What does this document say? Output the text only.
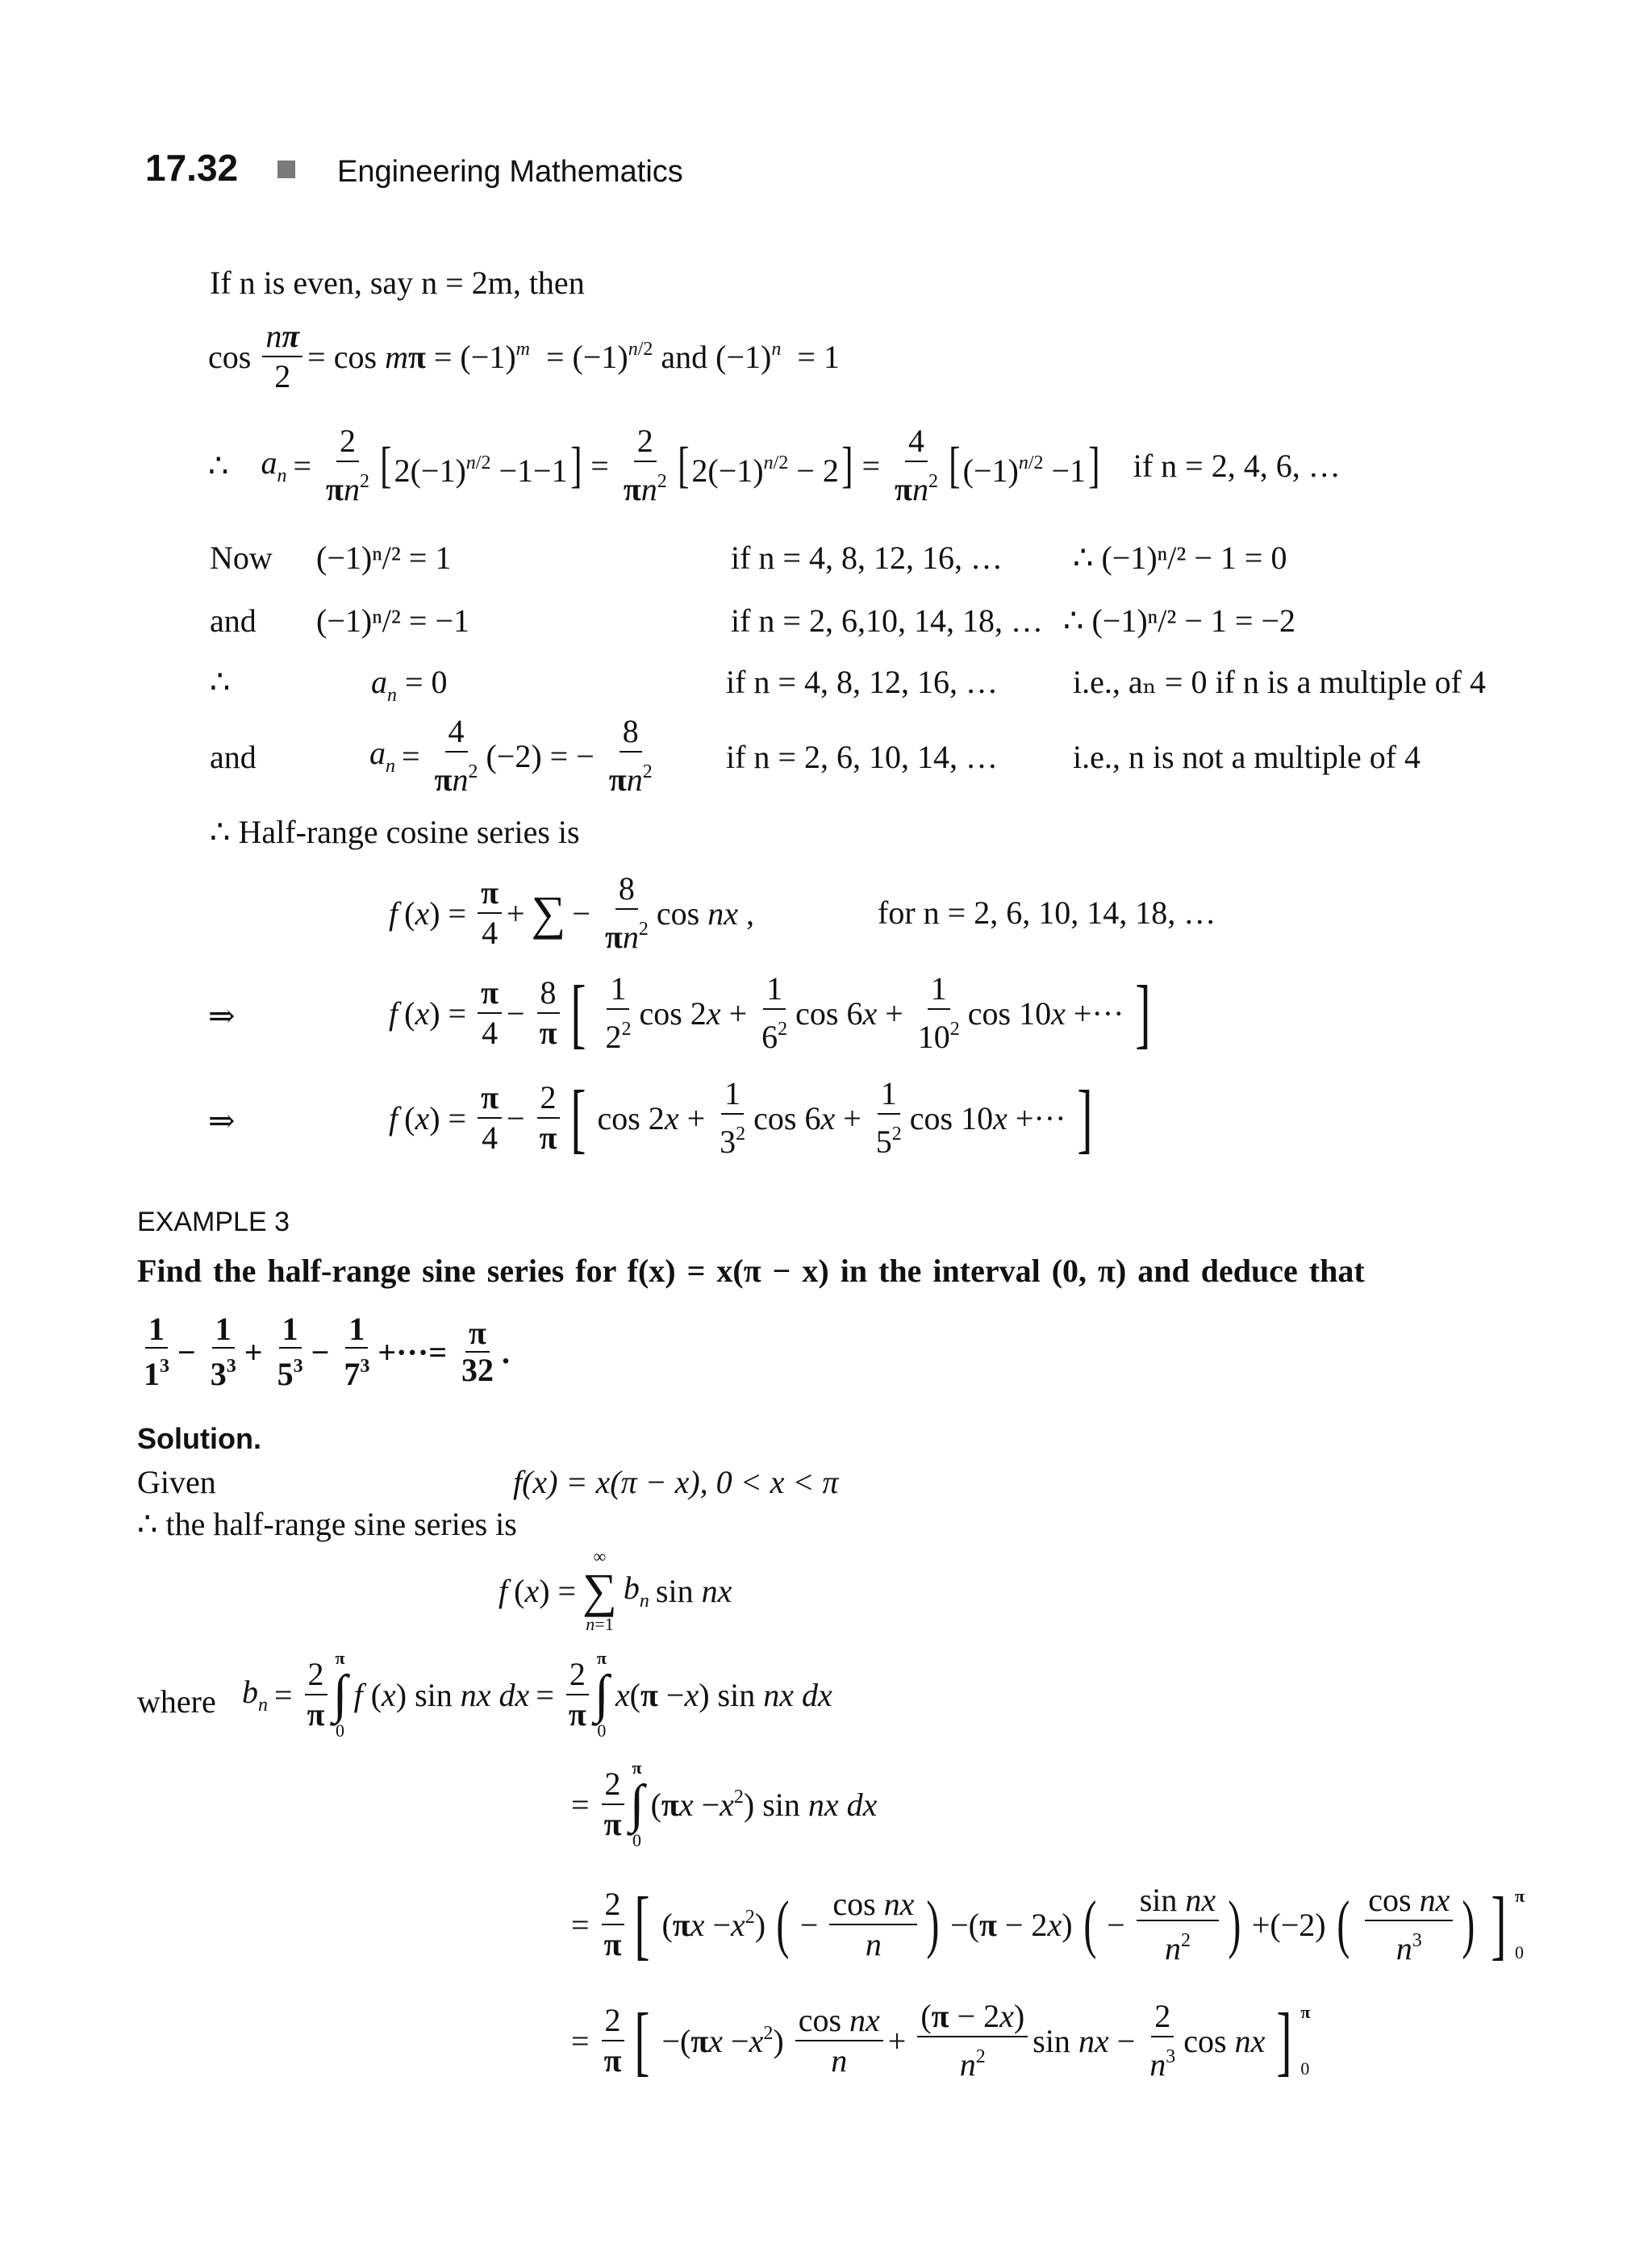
17.32	Engineering Mathematics
If n is even, say n = 2m, then
$\cos \frac{n\pi}{2} = \cos m\pi = (-1)^m = (-1)^{n/2}$ and $(-1)^n = 1$
∴ $a_n = \frac{2}{\pi n^2} [2(-1)^{n/2} -1-1] = \frac{2}{\pi n^2} [2(-1)^{n/2} - 2] = \frac{4}{\pi n^2} [(-1)^{n/2} -1]$ if n = 2, 4, 6, …
Now (−1)ⁿ/² = 1	if n = 4, 8, 12, 16, … ∴ (−1)ⁿ/² − 1 = 0
and (−1)ⁿ/² = −1	if n = 2, 6,10, 14, 18, … ∴ (−1)ⁿ/² − 1 = −2
∴	$a_n = 0$	if n = 4, 8, 12, 16, … i.e., aₙ = 0 if n is a multiple of 4
and	$a_n = \frac{4}{\pi n^2} (-2)$ = − $\frac{8}{\pi n^2}$ if n = 2, 6, 10, 14, … i.e., n is not a multiple of 4
∴ Half-range cosine series is
f $(x) = \frac{\pi}{4}$ + ∑ − $\frac{8}{\pi n^2}$ cos nx ,	for n = 2, 6, 10, 14, 18, …
⇒	f $(x) = \frac{\pi}{4} - \frac{8}{\pi}$ [ $\frac{1}{2^2}$ $\cos 2x + \frac{1}{6^2}$ $\cos 6x + \frac{1}{10^2}$ cos 10x +··· ]
⇒	f $(x) = \frac{\pi}{4} - \frac{2}{\pi}$ [ $\cos 2x + \frac{1}{3^2}$ $\cos 6x + \frac{1}{5^2}$ cos 10x +··· ]
EXAMPLE 3
Find the half-range sine series for f(x) = x(π − x) in the interval (0, π) and deduce that
$\frac{1}{1^3} - \frac{1}{3^3} + \frac{1}{5^3} - \frac{1}{7^3}$ +···= $\frac{\pi}{32}$ .
Solution.
Given	f(x) = x(π − x), 0 < x < π
∴ the half-range sine series is
f (x) =
∞
∑
n=1
$b_n$ sin nx
where $b_n = \frac{2}{\pi}$ π
∫
0
f (x) sin nx dx = $\frac{2}{\pi}$ π
∫
0
x(π −x) sin nx dx
= $\frac{2}{\pi}$ π
∫
0
$(\pi x -x^2)$ sin nx dx
= $\frac{2}{\pi}$ [ $(\pi x -x^2)$ ( − $\frac{\text{cos nx}}{n}$ ) −(π − 2x) ( − $\frac{\text{sin nx}}{n^2}$ ) +(−2) ( $\frac{\text{cos nx}}{n^3}$ ) ] π
0
= $\frac{2}{\pi}$ [ $-(\pi x -x^2) \frac{\text{cos nx}}{n} + \frac{(\pi - 2x)}{n^2}$ sin nx − $\frac{2}{n^3}$ cos nx ] π
0
